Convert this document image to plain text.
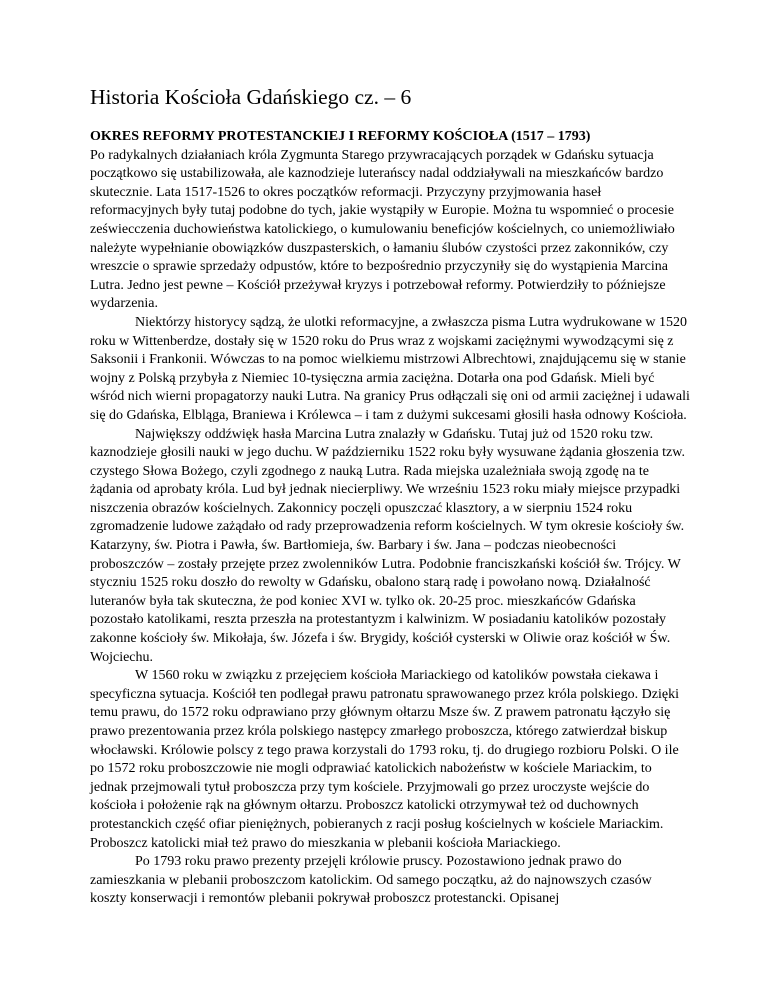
Historia Kościoła Gdańskiego cz. – 6
OKRES REFORMY PROTESTANCKIEJ I REFORMY KOŚCIOŁA (1517 – 1793)

Po radykalnych działaniach króla Zygmunta Starego przywracających porządek w Gdańsku sytuacja początkowo się ustabilizowała, ale kaznodzieje luterańscy nadal oddziaływali na mieszkańców bardzo skutecznie. Lata 1517-1526 to okres początków reformacji. Przyczyny przyjmowania haseł reformacyjnych były tutaj podobne do tych, jakie wystąpiły w Europie. Można tu wspomnieć o procesie zeświecczenia duchowieństwa katolickiego, o kumulowaniu beneficjów kościelnych, co uniemożliwiało należyte wypełnianie obowiązków duszpasterskich, o łamaniu ślubów czystości przez zakonników, czy wreszcie o sprawie sprzedaży odpustów, które to bezpośrednio przyczyniły się do wystąpienia Marcina Lutra. Jedno jest pewne – Kościół przeżywał kryzys i potrzebował reformy. Potwierdziły to późniejsze wydarzenia.

Niektórzy historycy sądzą, że ulotki reformacyjne, a zwłaszcza pisma Lutra wydrukowane w 1520 roku w Wittenberdze, dostały się w 1520 roku do Prus wraz z wojskami zaciężnymi wywodzącymi się z Saksonii i Frankonii. Wówczas to na pomoc wielkiemu mistrzowi Albrechtowi, znajdującemu się w stanie wojny z Polską przybyła z Niemiec 10-tysięczna armia zaciężna. Dotarła ona pod Gdańsk. Mieli być wśród nich wierni propagatorzy nauki Lutra. Na granicy Prus odłączali się oni od armii zaciężnej i udawali się do Gdańska, Elbląga, Braniewa i Królewca – i tam z dużymi sukcesami głosili hasła odnowy Kościoła.

Największy oddźwięk hasła Marcina Lutra znalazły w Gdańsku. Tutaj już od 1520 roku tzw. kaznodzieje głosili nauki w jego duchu. W październiku 1522 roku były wysuwane żądania głoszenia tzw. czystego Słowa Bożego, czyli zgodnego z nauką Lutra. Rada miejska uzależniała swoją zgodę na te żądania od aprobaty króla. Lud był jednak niecierpliwy. We wrześniu 1523 roku miały miejsce przypadki niszczenia obrazów kościelnych. Zakonnicy poczęli opuszczać klasztory, a w sierpniu 1524 roku zgromadzenie ludowe zażądało od rady przeprowadzenia reform kościelnych. W tym okresie kościoły św. Katarzyny, św. Piotra i Pawła, św. Bartłomieja, św. Barbary i św. Jana – podczas nieobecności proboszczów – zostały przejęte przez zwolenników Lutra. Podobnie franciszkański kościół św. Trójcy. W styczniu 1525 roku doszło do rewolty w Gdańsku, obalono starą radę i powołano nową. Działalność luteranów była tak skuteczna, że pod koniec XVI w. tylko ok. 20-25 proc. mieszkańców Gdańska pozostało katolikami, reszta przeszła na protestantyzm i kalwinizm. W posiadaniu katolików pozostały zakonne kościoły św. Mikołaja, św. Józefa i św. Brygidy, kościół cysterski w Oliwie oraz kościół w Św. Wojciechu.

W 1560 roku w związku z przejęciem kościoła Mariackiego od katolików powstała ciekawa i specyficzna sytuacja. Kościół ten podlegał prawu patronatu sprawowanego przez króla polskiego. Dzięki temu prawu, do 1572 roku odprawiano przy głównym ołtarzu Msze św. Z prawem patronatu łączyło się prawo prezentowania przez króla polskiego następcy zmarłego proboszcza, którego zatwierdzał biskup włocławski. Królowie polscy z tego prawa korzystali do 1793 roku, tj. do drugiego rozbioru Polski. O ile po 1572 roku proboszczowie nie mogli odprawiać katolickich nabożeństw w kościele Mariackim, to jednak przejmowali tytuł proboszcza przy tym kościele. Przyjmowali go przez uroczyste wejście do kościoła i położenie rąk na głównym ołtarzu. Proboszcz katolicki otrzymywał też od duchownych protestanckich część ofiar pieniężnych, pobieranych z racji posług kościelnych w kościele Mariackim. Proboszcz katolicki miał też prawo do mieszkania w plebanii kościoła Mariackiego.

Po 1793 roku prawo prezenty przejęli królowie pruscy. Pozostawiono jednak prawo do zamieszkania w plebanii proboszczom katolickim. Od samego początku, aż do najnowszych czasów koszty konserwacji i remontów plebanii pokrywał proboszcz protestancki. Opisanej
